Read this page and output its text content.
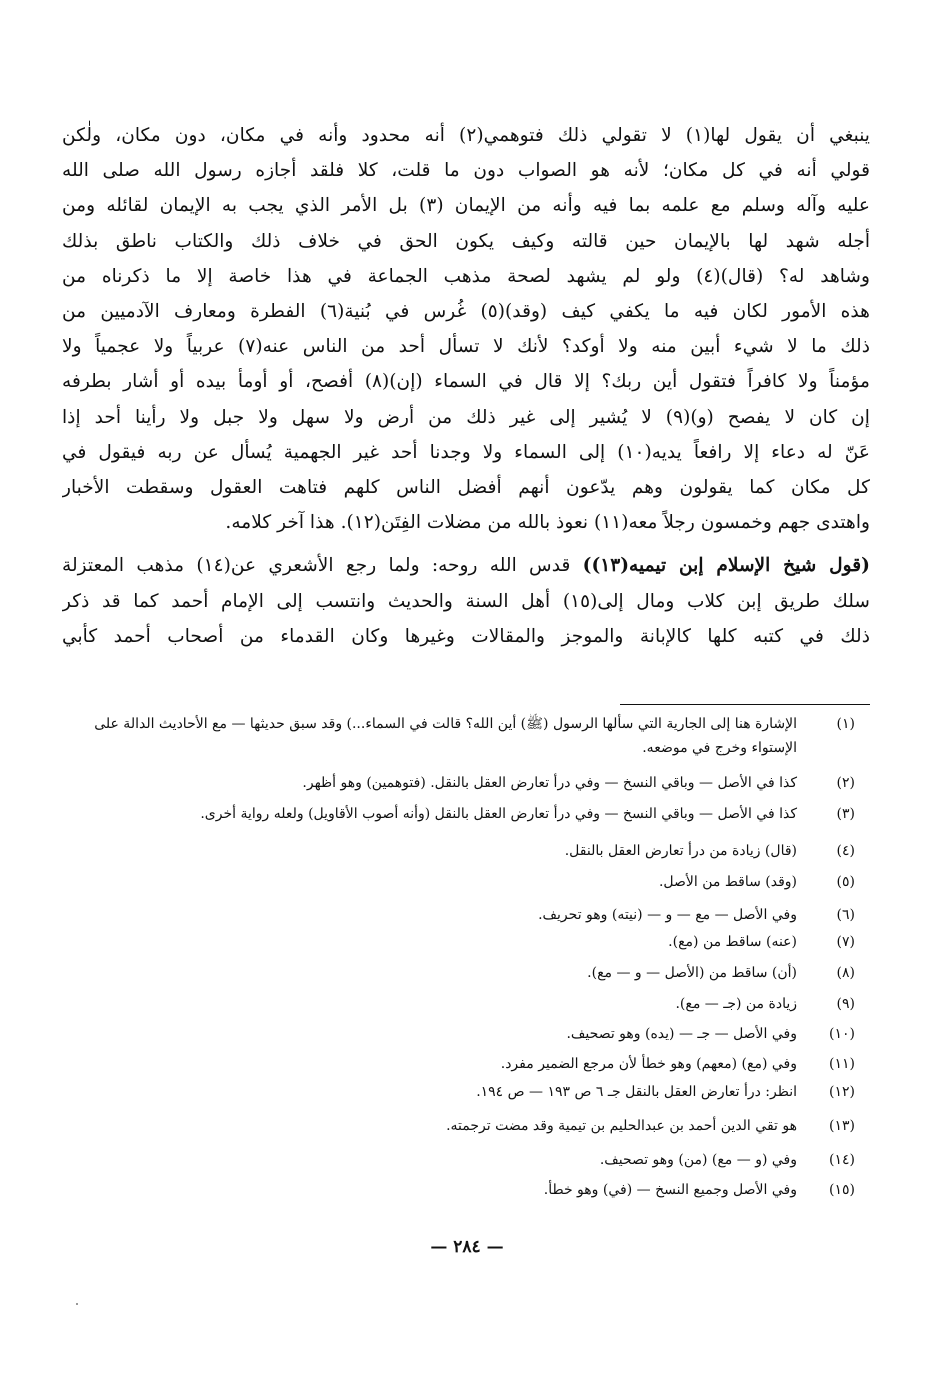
ينبغي أن يقول لها(١) لا تقولي ذلك فتوهمي(٢) أنه محدود وأنه في مكان، دون مكان، ولٰكن
قولي أنه في كل مكان؛ لأنه هو الصواب دون ما قلت، كلا فلقد أجازه رسول الله صلى الله
عليه وآله وسلم مع علمه بما فيه وأنه من الإيمان (٣) بل الأمر الذي يجب به الإيمان لقائله ومن
أجله شهد لها بالإيمان حين قالته وكيف يكون الحق في خلاف ذلك والكتاب ناطق بذلك
وشاهد له؟ (قال)(٤) ولو لم يشهد لصحة مذهب الجماعة في هذا خاصة إلا ما ذكرناه من
هذه الأمور لكان فيه ما يكفي كيف (وقد)(٥) غُرس في بُنية(٦) الفطرة ومعارف الآدميين من
ذلك ما لا شيء أبين منه ولا أوكد؟ لأنك لا تسأل أحد من الناس عنه(٧) عربياً ولا عجمياً ولا
مؤمناً ولا كافراً فتقول أين ربك؟ إلا قال في السماء (إن)(٨) أفصح، أو أومأ بيده أو أشار بطرفه
إن كان لا يفصح (و)(٩) لا يُشير إلى غير ذلك من أرض ولا سهل ولا جبل ولا رأينا أحد إذا
عَنّ له دعاء إلا رافعاً يديه(١٠) إلى السماء ولا وجدنا أحد غير الجهمية يُسأل عن ربه فيقول في
كل مكان كما يقولون وهم يدّعون أنهم أفضل الناس كلهم فتاهت العقول وسقطت الأخبار
واهتدى جهم وخمسون رجلاً معه(١١) نعوذ بالله من مضلات الفِتَن(١٢). هذا آخر كلامه.

(قول شيخ الإسلام إبن تيميه(١٣)) قدس الله روحه: ولما رجع الأشعري عن(١٤) مذهب المعتزلة
سلك طريق إبن كلاب ومال إلى(١٥) أهل السنة والحديث وانتسب إلى الإمام أحمد كما قد ذكر
ذلك في كتبه كلها كالإبانة والموجز والمقالات وغيرها وكان القدماء من أصحاب أحمد كأبي

(١)
الإشارة هنا إلى الجارية التي سألها الرسول (ﷺ) أين الله؟ قالت في السماء...) وقد سبق حديثها — مع الأحاديث الدالة على الإستواء وخرج في موضعه.
(٢)
كذا في الأصل — وباقي النسخ — وفي درأ تعارض العقل بالنقل. (فتوهمين) وهو أظهر.
(٣)
كذا في الأصل — وباقي النسخ — وفي درأ تعارض العقل بالنقل (وأنه أصوب الأقاويل) ولعله رواية أخرى.
(٤)
(قال) زيادة من درأ تعارض العقل بالنقل.
(٥)
(وقد) ساقط من الأصل.
(٦)
وفي الأصل — مع — و — (نيته) وهو تحريف.
(٧)
(عنه) ساقط من (مع).
(٨)
(أن) ساقط من (الأصل — و — مع).
(٩)
زيادة من (جـ — مع).
(١٠)
وفي الأصل — جـ — (يده) وهو تصحيف.
(١١)
وفي (مع) (معهم) وهو خطأ لأن مرجع الضمير مفرد.
(١٢)
انظر: درأ تعارض العقل بالنقل جـ ٦ ص ١٩٣ — ص ١٩٤.
(١٣)
هو تقي الدين أحمد بن عبدالحليم بن تيمية وقد مضت ترجمته.
(١٤)
وفي (و — مع) (من) وهو تصحيف.
(١٥)
وفي الأصل وجميع النسخ — (في) وهو خطأ.
— ٢٨٤ —
